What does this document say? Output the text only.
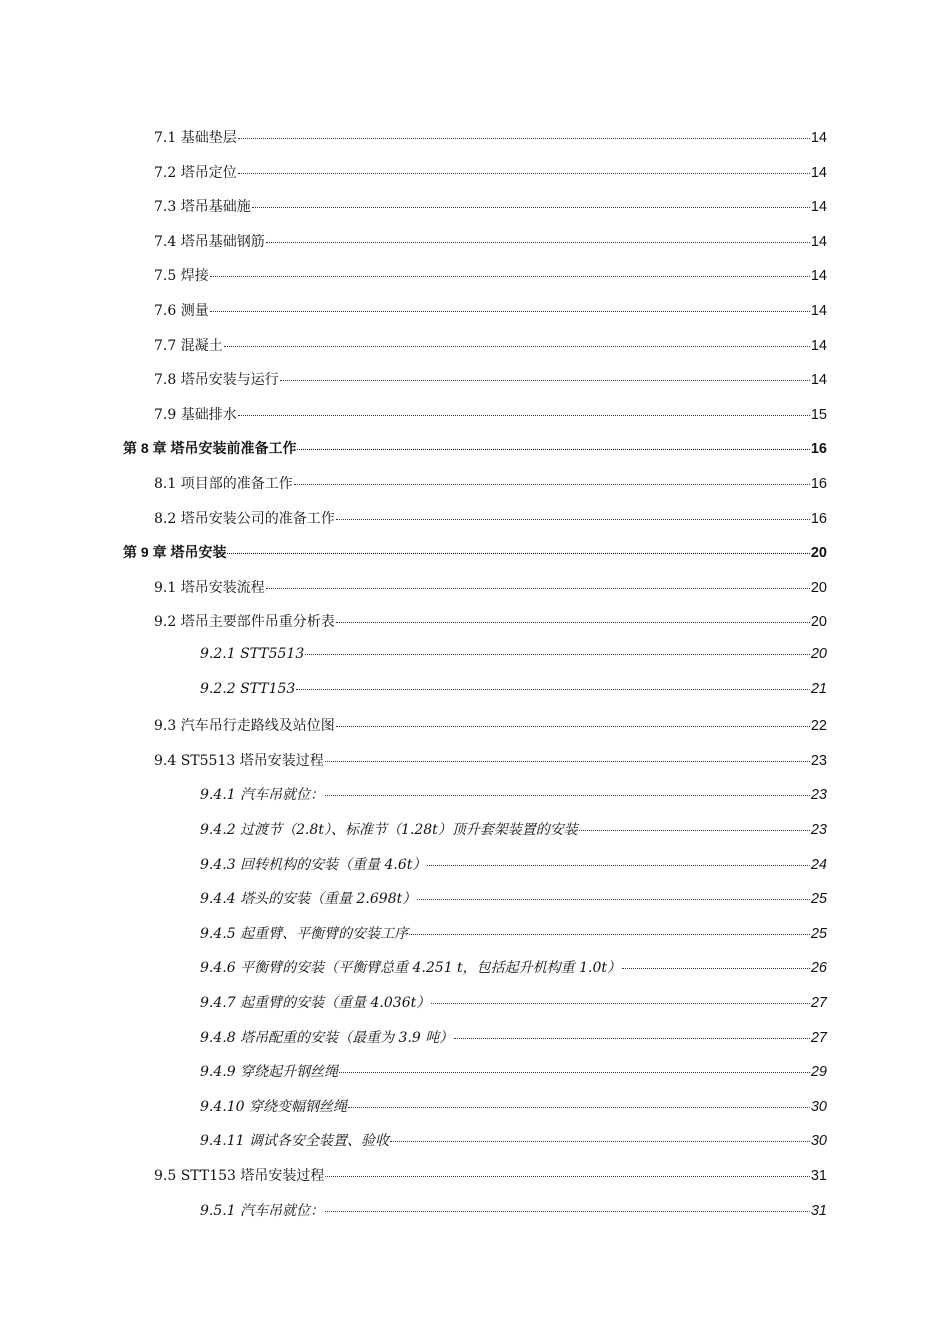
7.1 基础垫层	14
7.2 塔吊定位	14
7.3 塔吊基础施	14
7.4 塔吊基础钢筋	14
7.5 焊接	14
7.6 测量	14
7.7 混凝土	14
7.8 塔吊安装与运行	14
7.9 基础排水	15
第 8 章 塔吊安装前准备工作	16
8.1 项目部的准备工作	16
8.2 塔吊安装公司的准备工作	16
第 9 章 塔吊安装	20
9.1 塔吊安装流程	20
9.2 塔吊主要部件吊重分析表	20
9.2.1 STT5513	20
9.2.2 STT153	21
9.3 汽车吊行走路线及站位图	22
9.4 ST5513 塔吊安装过程	23
9.4.1 汽车吊就位：	23
9.4.2 过渡节（2.8t）、标准节（1.28t）顶升套架装置的安装	23
9.4.3 回转机构的安装（重量 4.6t）	24
9.4.4 塔头的安装（重量 2.698t）	25
9.4.5 起重臂、平衡臂的安装工序	25
9.4.6 平衡臂的安装（平衡臂总重 4.251 t，包括起升机构重 1.0t）	26
9.4.7 起重臂的安装（重量 4.036t）	27
9.4.8 塔吊配重的安装（最重为 3.9 吨）	27
9.4.9 穿绕起升钢丝绳	29
9.4.10 穿绕变幅钢丝绳	30
9.4.11 调试各安全装置、验收	30
9.5 STT153 塔吊安装过程	31
9.5.1 汽车吊就位：	31
